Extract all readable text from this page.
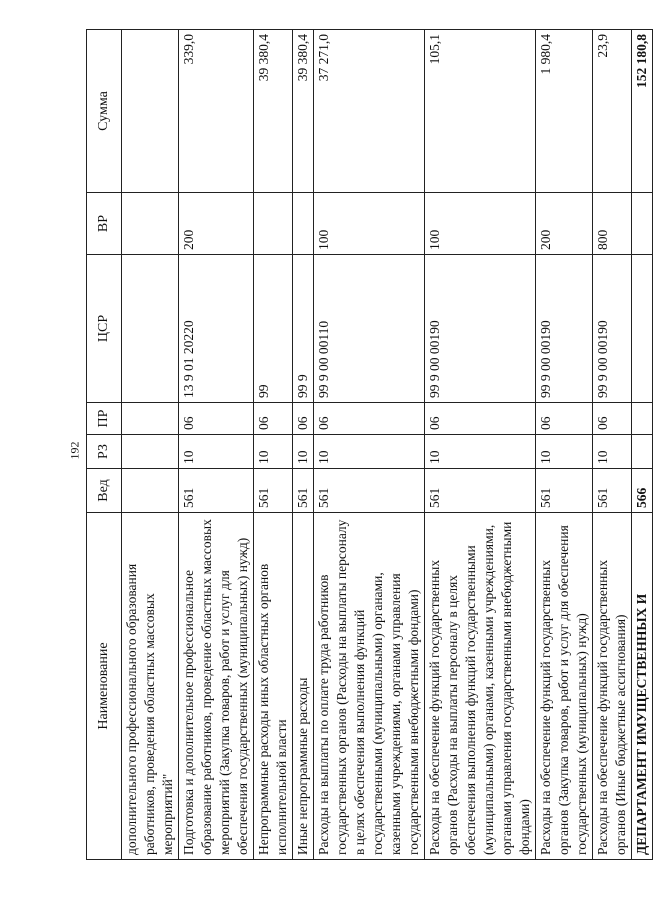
192
Наименование	Вед	РЗ	ПР	ЦСР	ВР	Сумма
дополнительного профессионального образования работников, проведения областных массовых мероприятий"						
Подготовка и дополнительное профессиональное образование работников, проведение областных массовых мероприятий (Закупка товаров, работ и услуг для обеспечения государственных (муниципальных) нужд)	561	10	06	13 9 01 20220	200	339,0
Непрограммные расходы иных областных органов исполнительной власти	561	10	06	99		39 380,4
Иные непрограммные расходы	561	10	06	99 9		39 380,4
Расходы на выплаты по оплате труда работников государственных органов (Расходы на выплаты персоналу в целях обеспечения выполнения функций государственными (муниципальными) органами, казенными учреждениями, органами управления государственными внебюджетными фондами)	561	10	06	99 9 00 00110	100	37 271,0
Расходы на обеспечение функций государственных органов (Расходы на выплаты персоналу в целях обеспечения выполнения функций государственными (муниципальными) органами, казенными учреждениями, органами управления государственными внебюджетными фондами)	561	10	06	99 9 00 00190	100	105,1
Расходы на обеспечение функций государственных органов (Закупка товаров, работ и услуг для обеспечения государственных (муниципальных) нужд)	561	10	06	99 9 00 00190	200	1 980,4
Расходы на обеспечение функций государственных органов (Иные бюджетные ассигнования)	561	10	06	99 9 00 00190	800	23,9
ДЕПАРТАМЕНТ ИМУЩЕСТВЕННЫХ И	566					152 180,8
